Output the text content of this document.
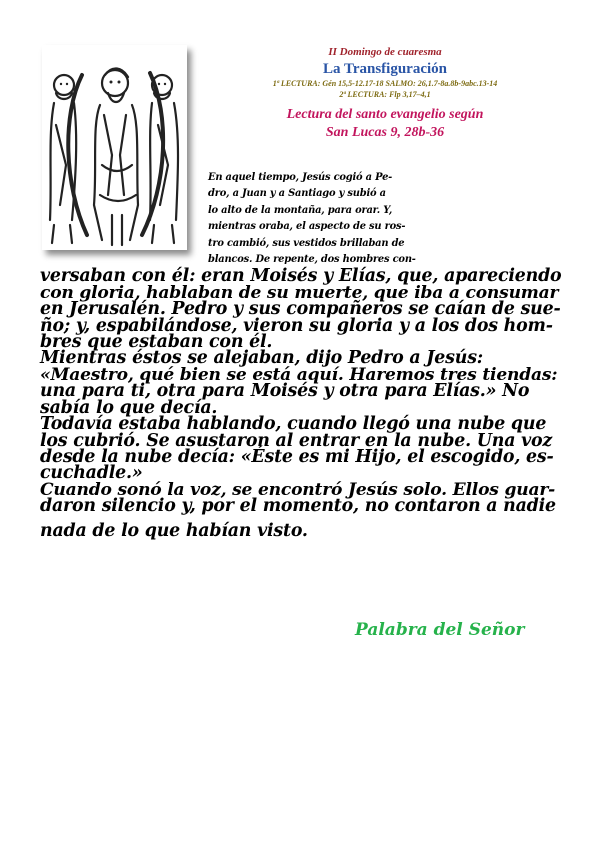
II Domingo de cuaresma
La Transfiguración
1ª LECTURA: Gén 15,5-12.17-18 SALMO: 26,1.7-8a.8b-9abc.13-14
2ª LECTURA: Flp 3,17–4,1
Lectura del santo evangelio según
San Lucas 9, 28b-36
En aquel tiempo, Jesús cogió a Pe-
dro, a Juan y a Santiago y subió a
lo alto de la montaña, para orar. Y,
mientras oraba, el aspecto de su ros-
tro cambió, sus vestidos brillaban de
blancos. De repente, dos hombres con-
versaban con él: eran Moisés y Elías, que, apareciendo
con gloria, hablaban de su muerte, que iba a consumar
en Jerusalén. Pedro y sus compañeros se caían de sue-
ño; y, espabilándose, vieron su gloria y a los dos hom-
bres que estaban con él.
Mientras éstos se alejaban, dijo Pedro a Jesús:
«Maestro, qué bien se está aquí. Haremos tres tiendas:
una para ti, otra para Moisés y otra para Elías.» No
sabía lo que decía.
Todavía estaba hablando, cuando llegó una nube que
los cubrió. Se asustaron al entrar en la nube. Una voz
desde la nube decía: «Éste es mi Hijo, el escogido, es-
cuchadle.»
Cuando sonó la voz, se encontró Jesús solo. Ellos guar-
daron silencio y, por el momento, no contaron a nadie
nada de lo que habían visto.
Palabra del Señor
